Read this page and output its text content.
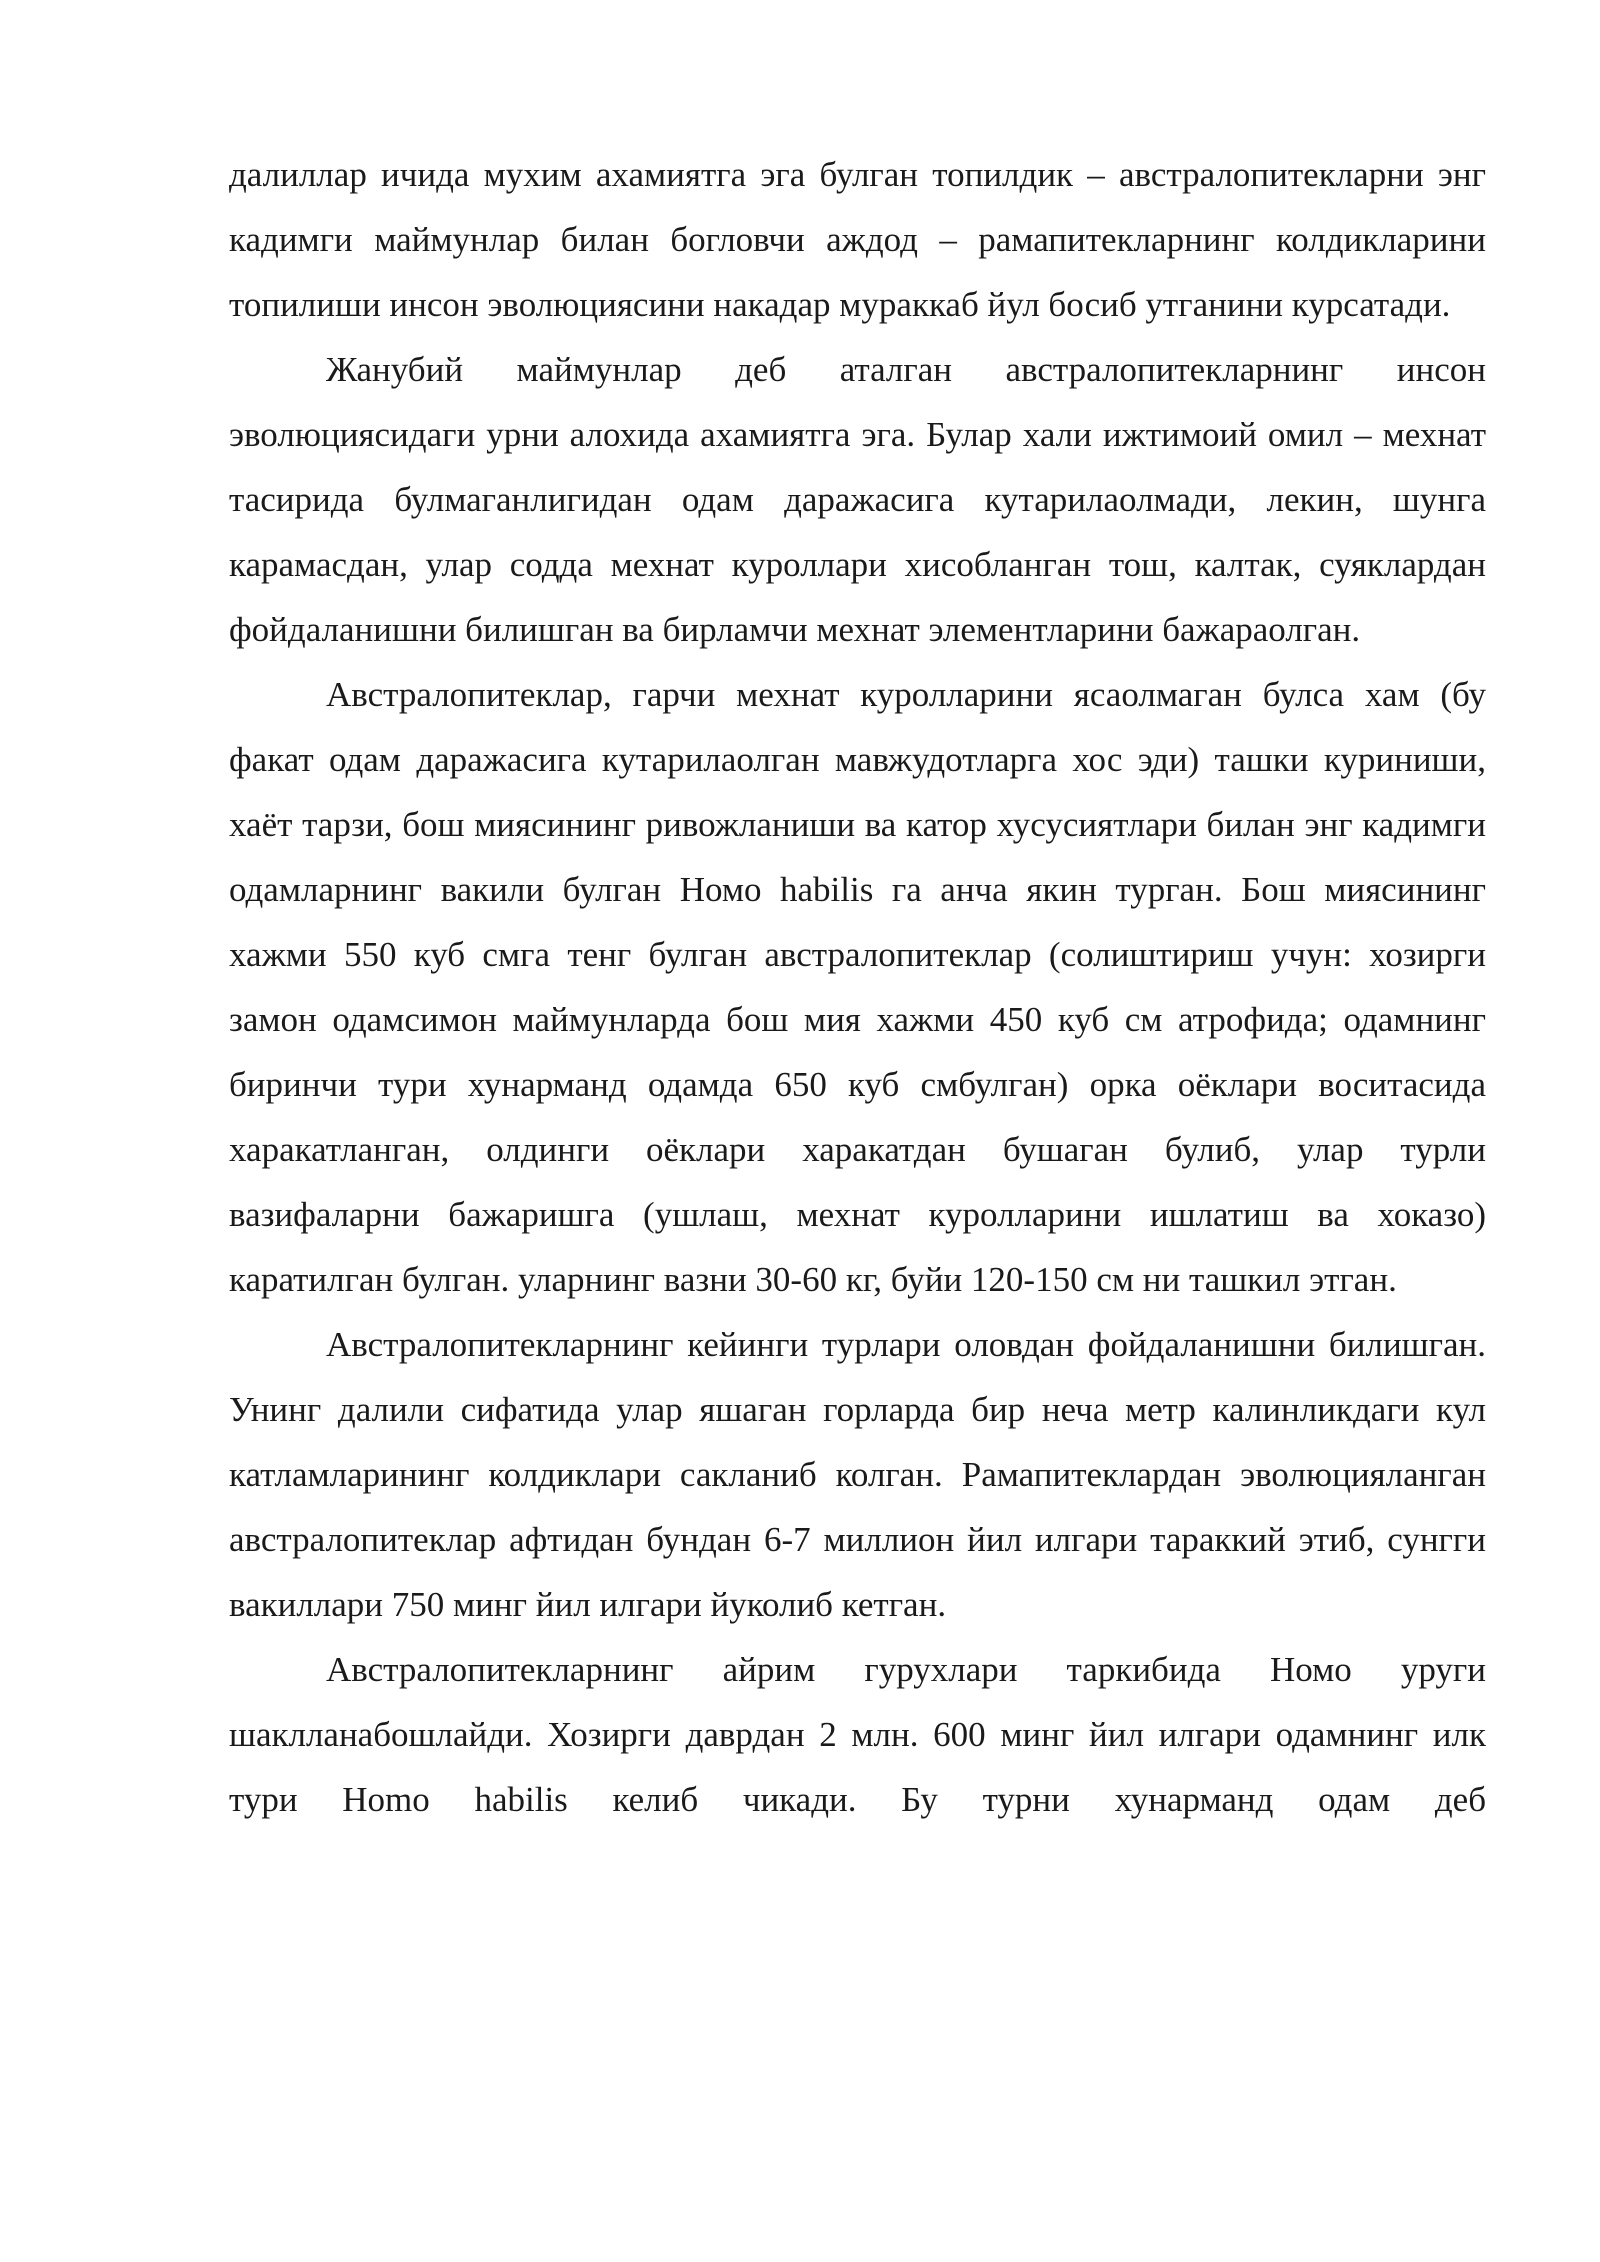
далиллар ичида мухим ахамиятга эга булган топилдик – австралопитекларни энг кадимги маймунлар билан богловчи аждод – рамапитекларнинг колдикларини топилиши инсон эволюциясини накадар мураккаб йул босиб утганини курсатади.

Жанубий маймунлар деб аталган австралопитекларнинг инсон эволюциясидаги урни алохида ахамиятга эга. Булар хали ижтимоий омил – мехнат тасирида булмаганлигидан одам даражасига кутарилаолмади, лекин, шунга карамасдан, улар содда мехнат куроллари хисобланган тош, калтак, суяклардан фойдаланишни билишган ва бирламчи мехнат элементларини бажараолган.

Австралопитеклар, гарчи мехнат куролларини ясаолмаган булса хам (бу факат одам даражасига кутарилаолган мавжудотларга хос эди) ташки куриниши, хаёт тарзи, бош миясининг ривожланиши ва катор хусусиятлари билан энг кадимги одамларнинг вакили булган Номо habilis га анча якин турган. Бош миясининг хажми 550 куб смга тенг булган австралопитеклар (солиштириш учун: хозирги замон одамсимон маймунларда бош мия хажми 450 куб см атрофида; одамнинг биринчи тури хунарманд одамда 650 куб смбулган) орка оёклари воситасида харакатланган, олдинги оёклари харакатдан бушаган булиб, улар турли вазифаларни бажаришга (ушлаш, мехнат куролларини ишлатиш ва хоказо) каратилган булган. уларнинг вазни 30-60 кг, буйи 120-150 см ни ташкил этган.

Австралопитекларнинг кейинги турлари оловдан фойдаланишни билишган. Унинг далили сифатида улар яшаган горларда бир неча метр калинликдаги кул катламларининг колдиклари сакланиб колган. Рамапитеклардан эволюцияланган австралопитеклар афтидан бундан 6-7 миллион йил илгари тараккий этиб, сунгги вакиллари 750 минг йил илгари йуколиб кетган.

Австралопитекларнинг айрим гурухлари таркибида Номо уруги шаклланабошлайди. Хозирги даврдан 2 млн. 600 минг йил илгари одамнинг илк тури Homo habilis келиб чикади. Бу турни хунарманд одам деб
